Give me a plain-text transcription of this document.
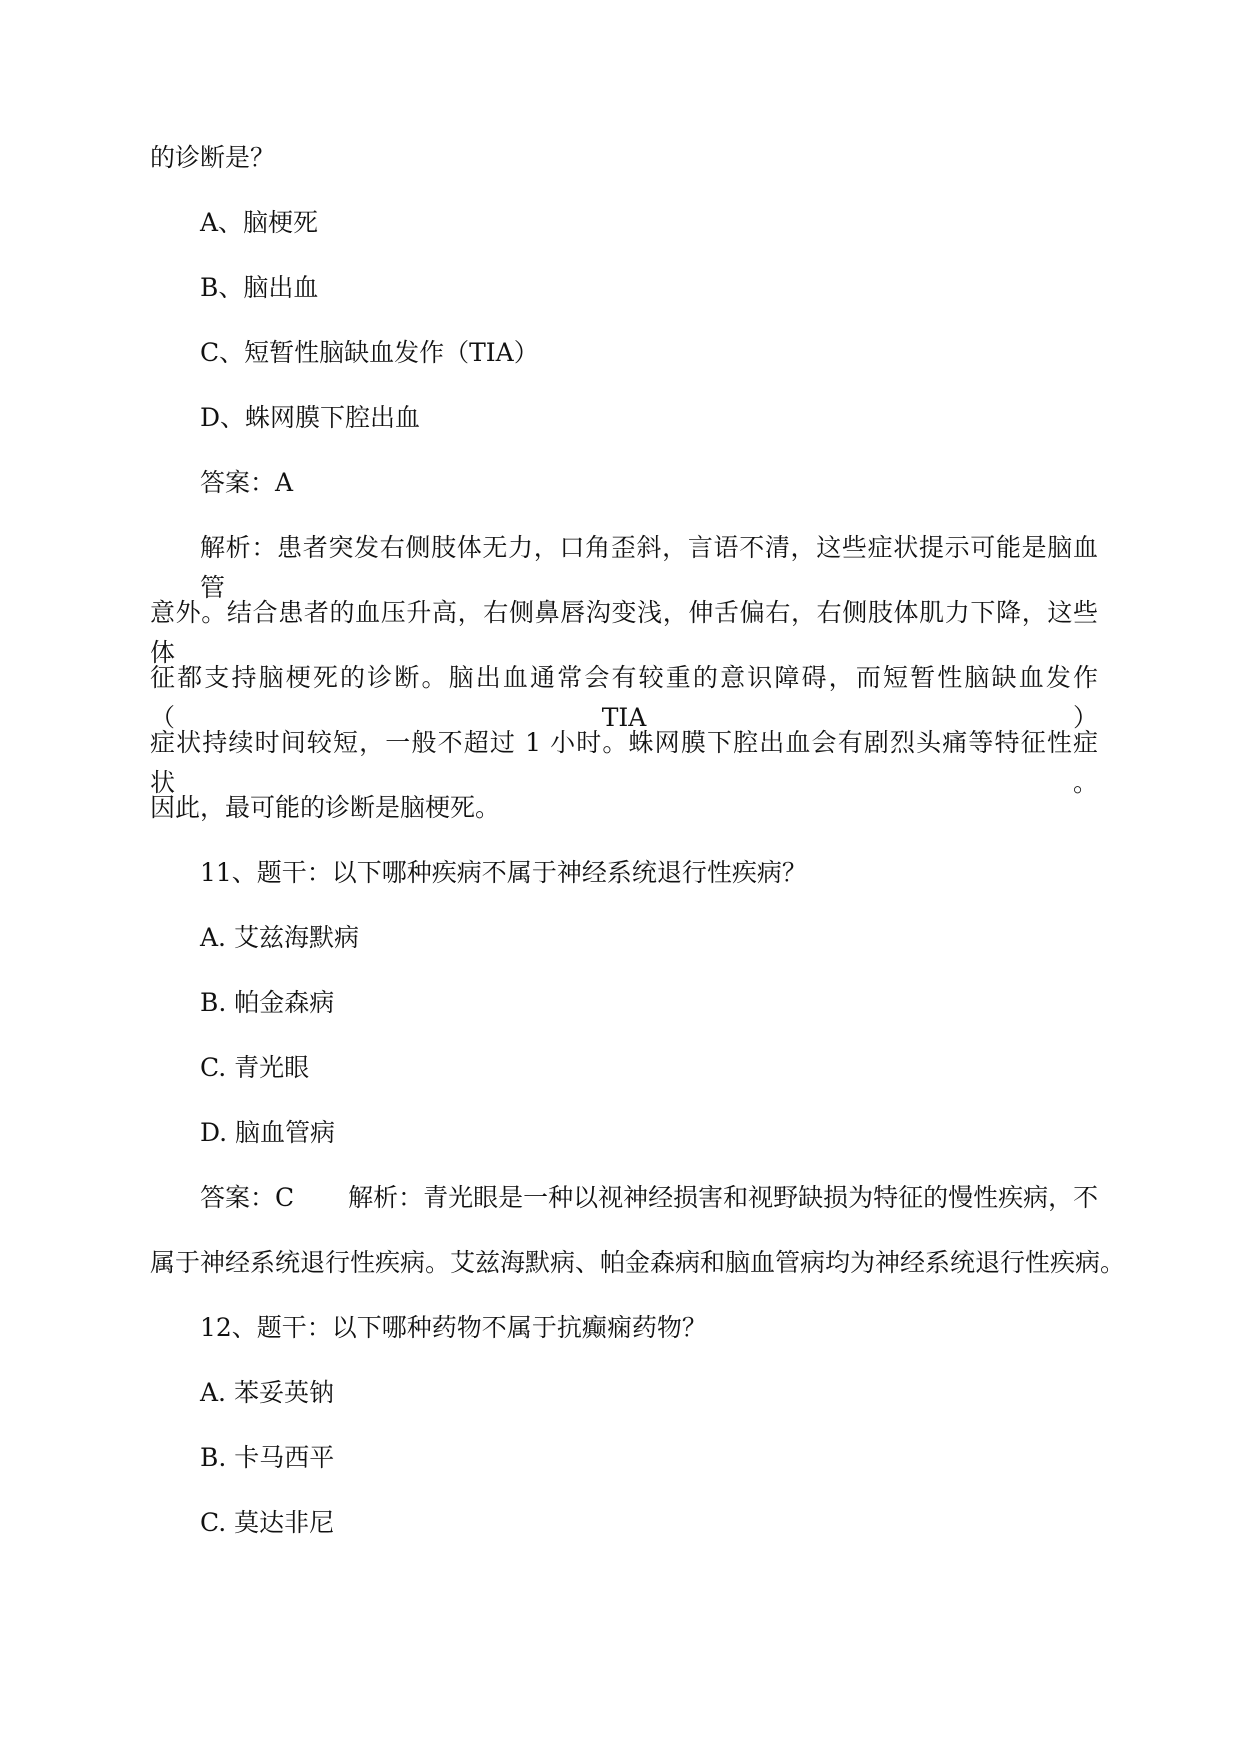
的诊断是？
A、脑梗死
B、脑出血
C、短暂性脑缺血发作（TIA）
D、蛛网膜下腔出血
答案：A
解析：患者突发右侧肢体无力，口角歪斜，言语不清，这些症状提示可能是脑血管
意外。结合患者的血压升高，右侧鼻唇沟变浅，伸舌偏右，右侧肢体肌力下降，这些体
征都支持脑梗死的诊断。脑出血通常会有较重的意识障碍，而短暂性脑缺血发作（TIA）
症状持续时间较短，一般不超过 1 小时。蛛网膜下腔出血会有剧烈头痛等特征性症状。
因此，最可能的诊断是脑梗死。
11、题干：以下哪种疾病不属于神经系统退行性疾病？
A. 艾兹海默病
B. 帕金森病
C. 青光眼
D. 脑血管病
答案：C 解析：青光眼是一种以视神经损害和视野缺损为特征的慢性疾病，不
属于神经系统退行性疾病。艾兹海默病、帕金森病和脑血管病均为神经系统退行性疾病。
12、题干：以下哪种药物不属于抗癫痫药物？
A. 苯妥英钠
B. 卡马西平
C. 莫达非尼
